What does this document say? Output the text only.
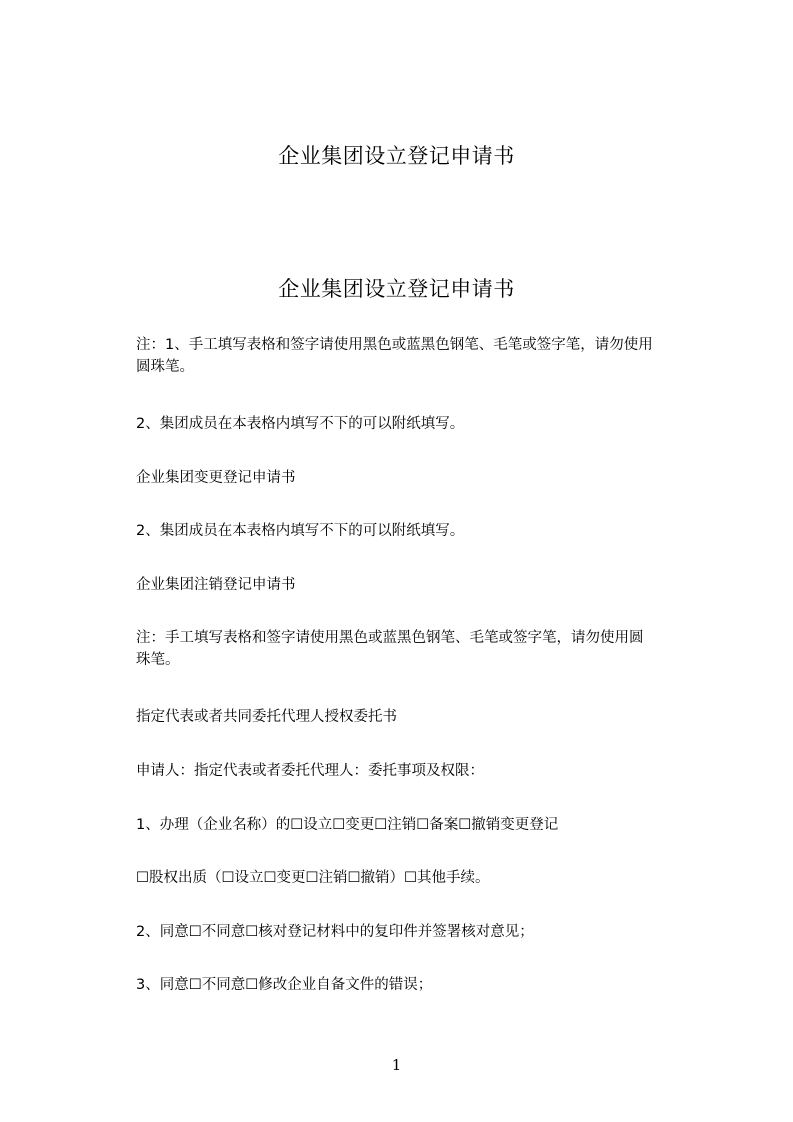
企业集团设立登记申请书
企业集团设立登记申请书

注：1、手工填写表格和签字请使用黑色或蓝黑色钢笔、毛笔或签字笔，请勿使用
圆珠笔。

2、集团成员在本表格内填写不下的可以附纸填写。

企业集团变更登记申请书

2、集团成员在本表格内填写不下的可以附纸填写。

企业集团注销登记申请书

注：手工填写表格和签字请使用黑色或蓝黑色钢笔、毛笔或签字笔，请勿使用圆
珠笔。

指定代表或者共同委托代理人授权委托书

申请人：指定代表或者委托代理人：委托事项及权限：

1、办理（企业名称）的☐设立☐变更☐注销☐备案☐撤销变更登记

☐股权出质（☐设立☐变更☐注销☐撤销）☐其他手续。

2、同意☐不同意☐核对登记材料中的复印件并签署核对意见；

3、同意☐不同意☐修改企业自备文件的错误；

1
